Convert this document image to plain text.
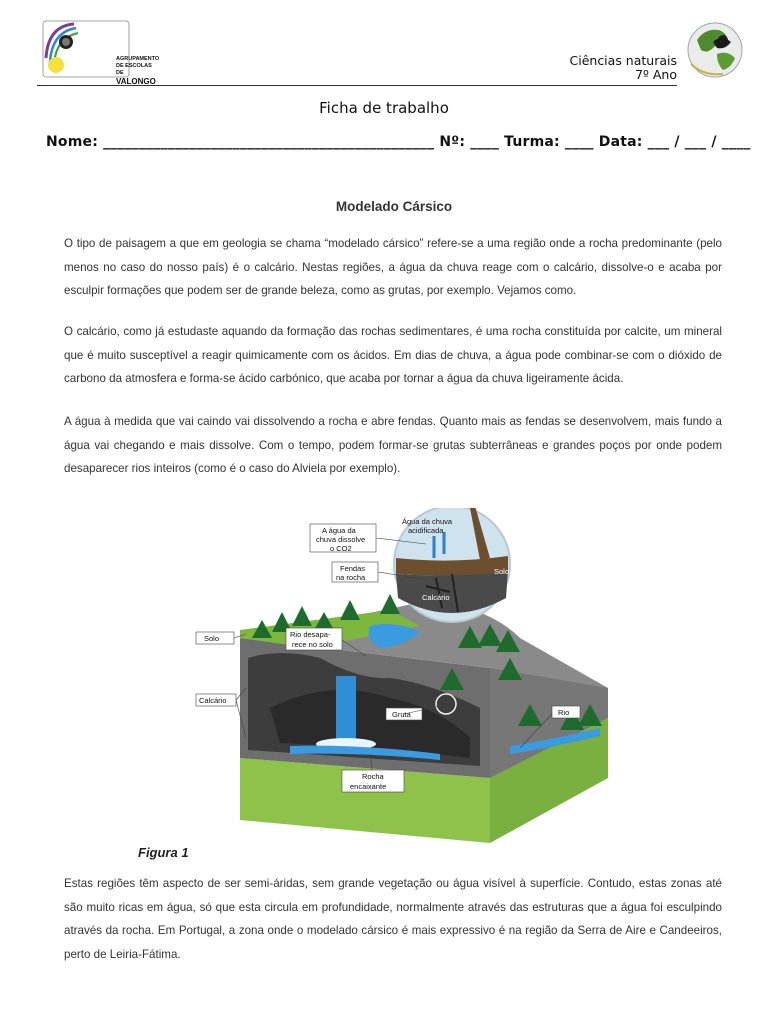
AGRUPAMENTO
DE ESCOLAS DE
VALONGO
Ciências naturais
7º Ano
Ficha de trabalho
Nome: ______________________________________________ Nº: ____ Turma: ____ Data: ___ / ___ / ____
Modelado Cársico
O tipo de paisagem a que em geologia se chama “modelado cársico” refere-se a uma região onde a rocha predominante (pelo menos no caso do nosso país) é o calcário. Nestas regiões, a água da chuva reage com o calcário, dissolve-o e acaba por esculpir formações que podem ser de grande beleza, como as grutas, por exemplo. Vejamos como.
O calcário, como já estudaste aquando da formação das rochas sedimentares, é uma rocha constituída por calcite, um mineral que é muito susceptível a reagir quimicamente com os ácidos. Em dias de chuva, a água pode combinar-se com o dióxido de carbono da atmosfera e forma-se ácido carbónico, que acaba por tornar a água da chuva ligeiramente ácida.
A água à medida que vai caindo vai dissolvendo a rocha e abre fendas. Quanto mais as fendas se desenvolvem, mais fundo a água vai chegando e mais dissolve. Com o tempo, podem formar-se grutas subterrâneas e grandes poços por onde podem desaparecer rios inteiros (como é o caso do Alviela por exemplo).
A água da
chuva dissolve
o CO2
Água da chuva
acidificada
Fendas
na rocha
Solo
Calcário
Solo	Rio desapa-
rece no solo
Calcário
Gruta	Rio
Rocha
encaixante
Figura 1
Estas regiões têm aspecto de ser semi-áridas, sem grande vegetação ou água visível à superfície. Contudo, estas zonas até são muito ricas em água, só que esta circula em profundidade, normalmente através das estruturas que a água foi esculpindo através da rocha. Em Portugal, a zona onde o modelado cársico é mais expressivo é na região da Serra de Aire e Candeeiros, perto de Leiria-Fátima.
